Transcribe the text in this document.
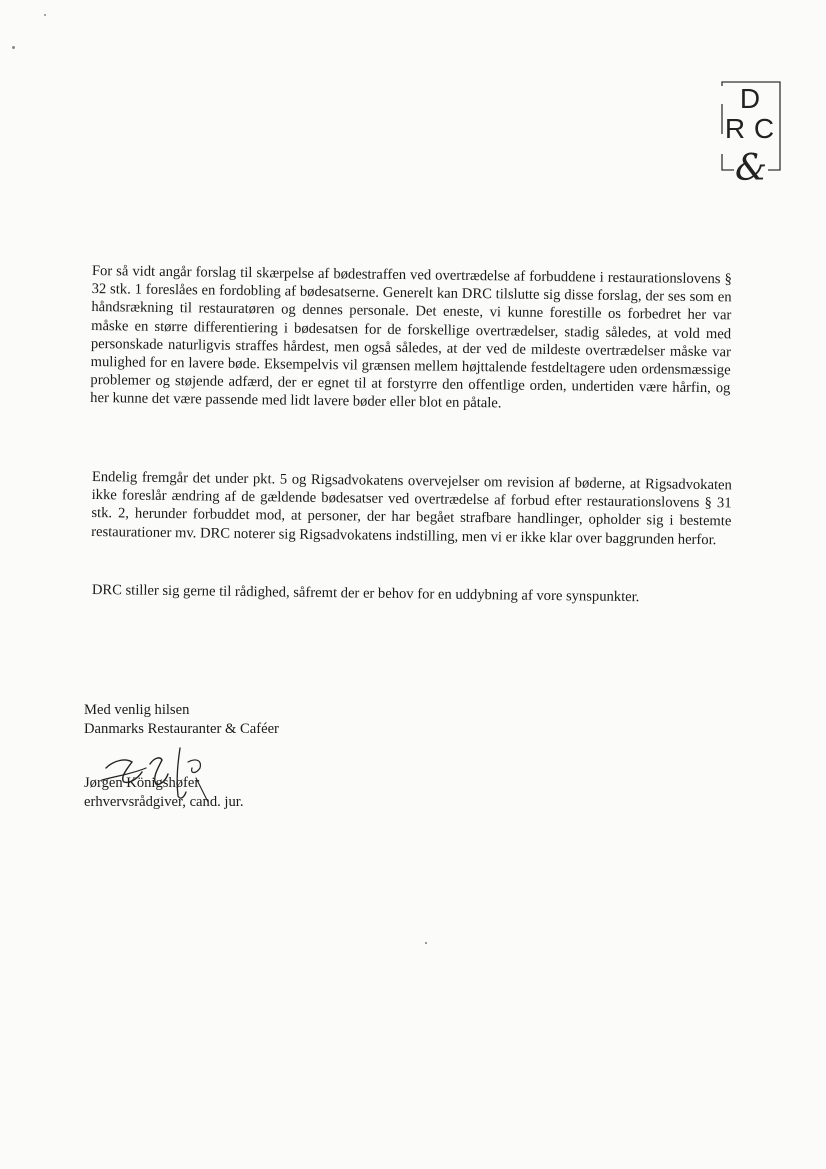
D
R C
&

For så vidt angår forslag til skærpelse af bødestraffen ved overtrædelse af forbuddene i restaurationslovens § 32 stk. 1 foreslåes en fordobling af bødesatserne. Generelt kan DRC tilslutte sig disse forslag, der ses som en håndsrækning til restauratøren og dennes personale. Det eneste, vi kunne forestille os forbedret her var måske en større differentiering i bødesatsen for de forskellige overtrædelser, stadig således, at vold med personskade naturligvis straffes hårdest, men også således, at der ved de mildeste overtrædelser måske var mulighed for en lavere bøde. Eksempelvis vil grænsen mellem højttalende festdeltagere uden ordensmæssige problemer og støjende adfærd, der er egnet til at forstyrre den offentlige orden, undertiden være hårfin, og her kunne det være passende med lidt lavere bøder eller blot en påtale.

Endelig fremgår det under pkt. 5 og Rigsadvokatens overvejelser om revision af bøderne, at Rigsadvokaten ikke foreslår ændring af de gældende bødesatser ved overtrædelse af forbud efter restaurationslovens § 31 stk. 2, herunder forbuddet mod, at personer, der har begået strafbare handlinger, opholder sig i bestemte restaurationer mv. DRC noterer sig Rigsadvokatens indstilling, men vi er ikke klar over baggrunden herfor.

DRC stiller sig gerne til rådighed, såfremt der er behov for en uddybning af vore synspunkter.

Med venlig hilsen
Danmarks Restauranter & Caféer
Jørgen Königshøfer
erhvervsrådgiver, cand. jur.
